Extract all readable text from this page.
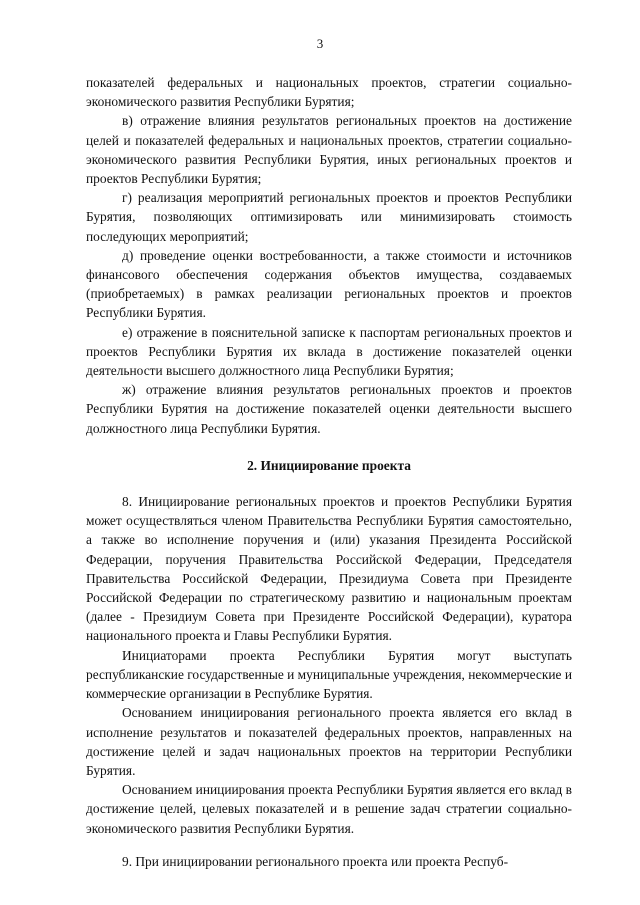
3

показателей федеральных и национальных проектов, стратегии социально-экономического развития Республики Бурятия;

в) отражение влияния результатов региональных проектов на достижение целей и показателей федеральных и национальных проектов, стратегии социально-экономического развития Республики Бурятия, иных региональных проектов и проектов Республики Бурятия;

г) реализация мероприятий региональных проектов и проектов Республики Бурятия, позволяющих оптимизировать или минимизировать стоимость последующих мероприятий;

д) проведение оценки востребованности, а также стоимости и источников финансового обеспечения содержания объектов имущества, создаваемых (приобретаемых) в рамках реализации региональных проектов и проектов Республики Бурятия.

е) отражение в пояснительной записке к паспортам региональных проектов и проектов Республики Бурятия их вклада в достижение показателей оценки деятельности высшего должностного лица Республики Бурятия;

ж) отражение влияния результатов региональных проектов и проектов Республики Бурятия на достижение показателей оценки деятельности высшего должностного лица Республики Бурятия.

2. Инициирование проекта

8. Инициирование региональных проектов и проектов Республики Бурятия может осуществляться членом Правительства Республики Бурятия самостоятельно, а также во исполнение поручения и (или) указания Президента Российской Федерации, поручения Правительства Российской Федерации, Председателя Правительства Российской Федерации, Президиума Совета при Президенте Российской Федерации по стратегическому развитию и национальным проектам (далее - Президиум Совета при Президенте Российской Федерации), куратора национального проекта и Главы Республики Бурятия.

Инициаторами проекта Республики Бурятия могут выступать республиканские государственные и муниципальные учреждения, некоммерческие и коммерческие организации в Республике Бурятия.

Основанием инициирования регионального проекта является его вклад в исполнение результатов и показателей федеральных проектов, направленных на достижение целей и задач национальных проектов на территории Республики Бурятия.

Основанием инициирования проекта Республики Бурятия является его вклад в достижение целей, целевых показателей и в решение задач стратегии социально-экономического развития Республики Бурятия.

9. При инициировании регионального проекта или проекта Респуб-
